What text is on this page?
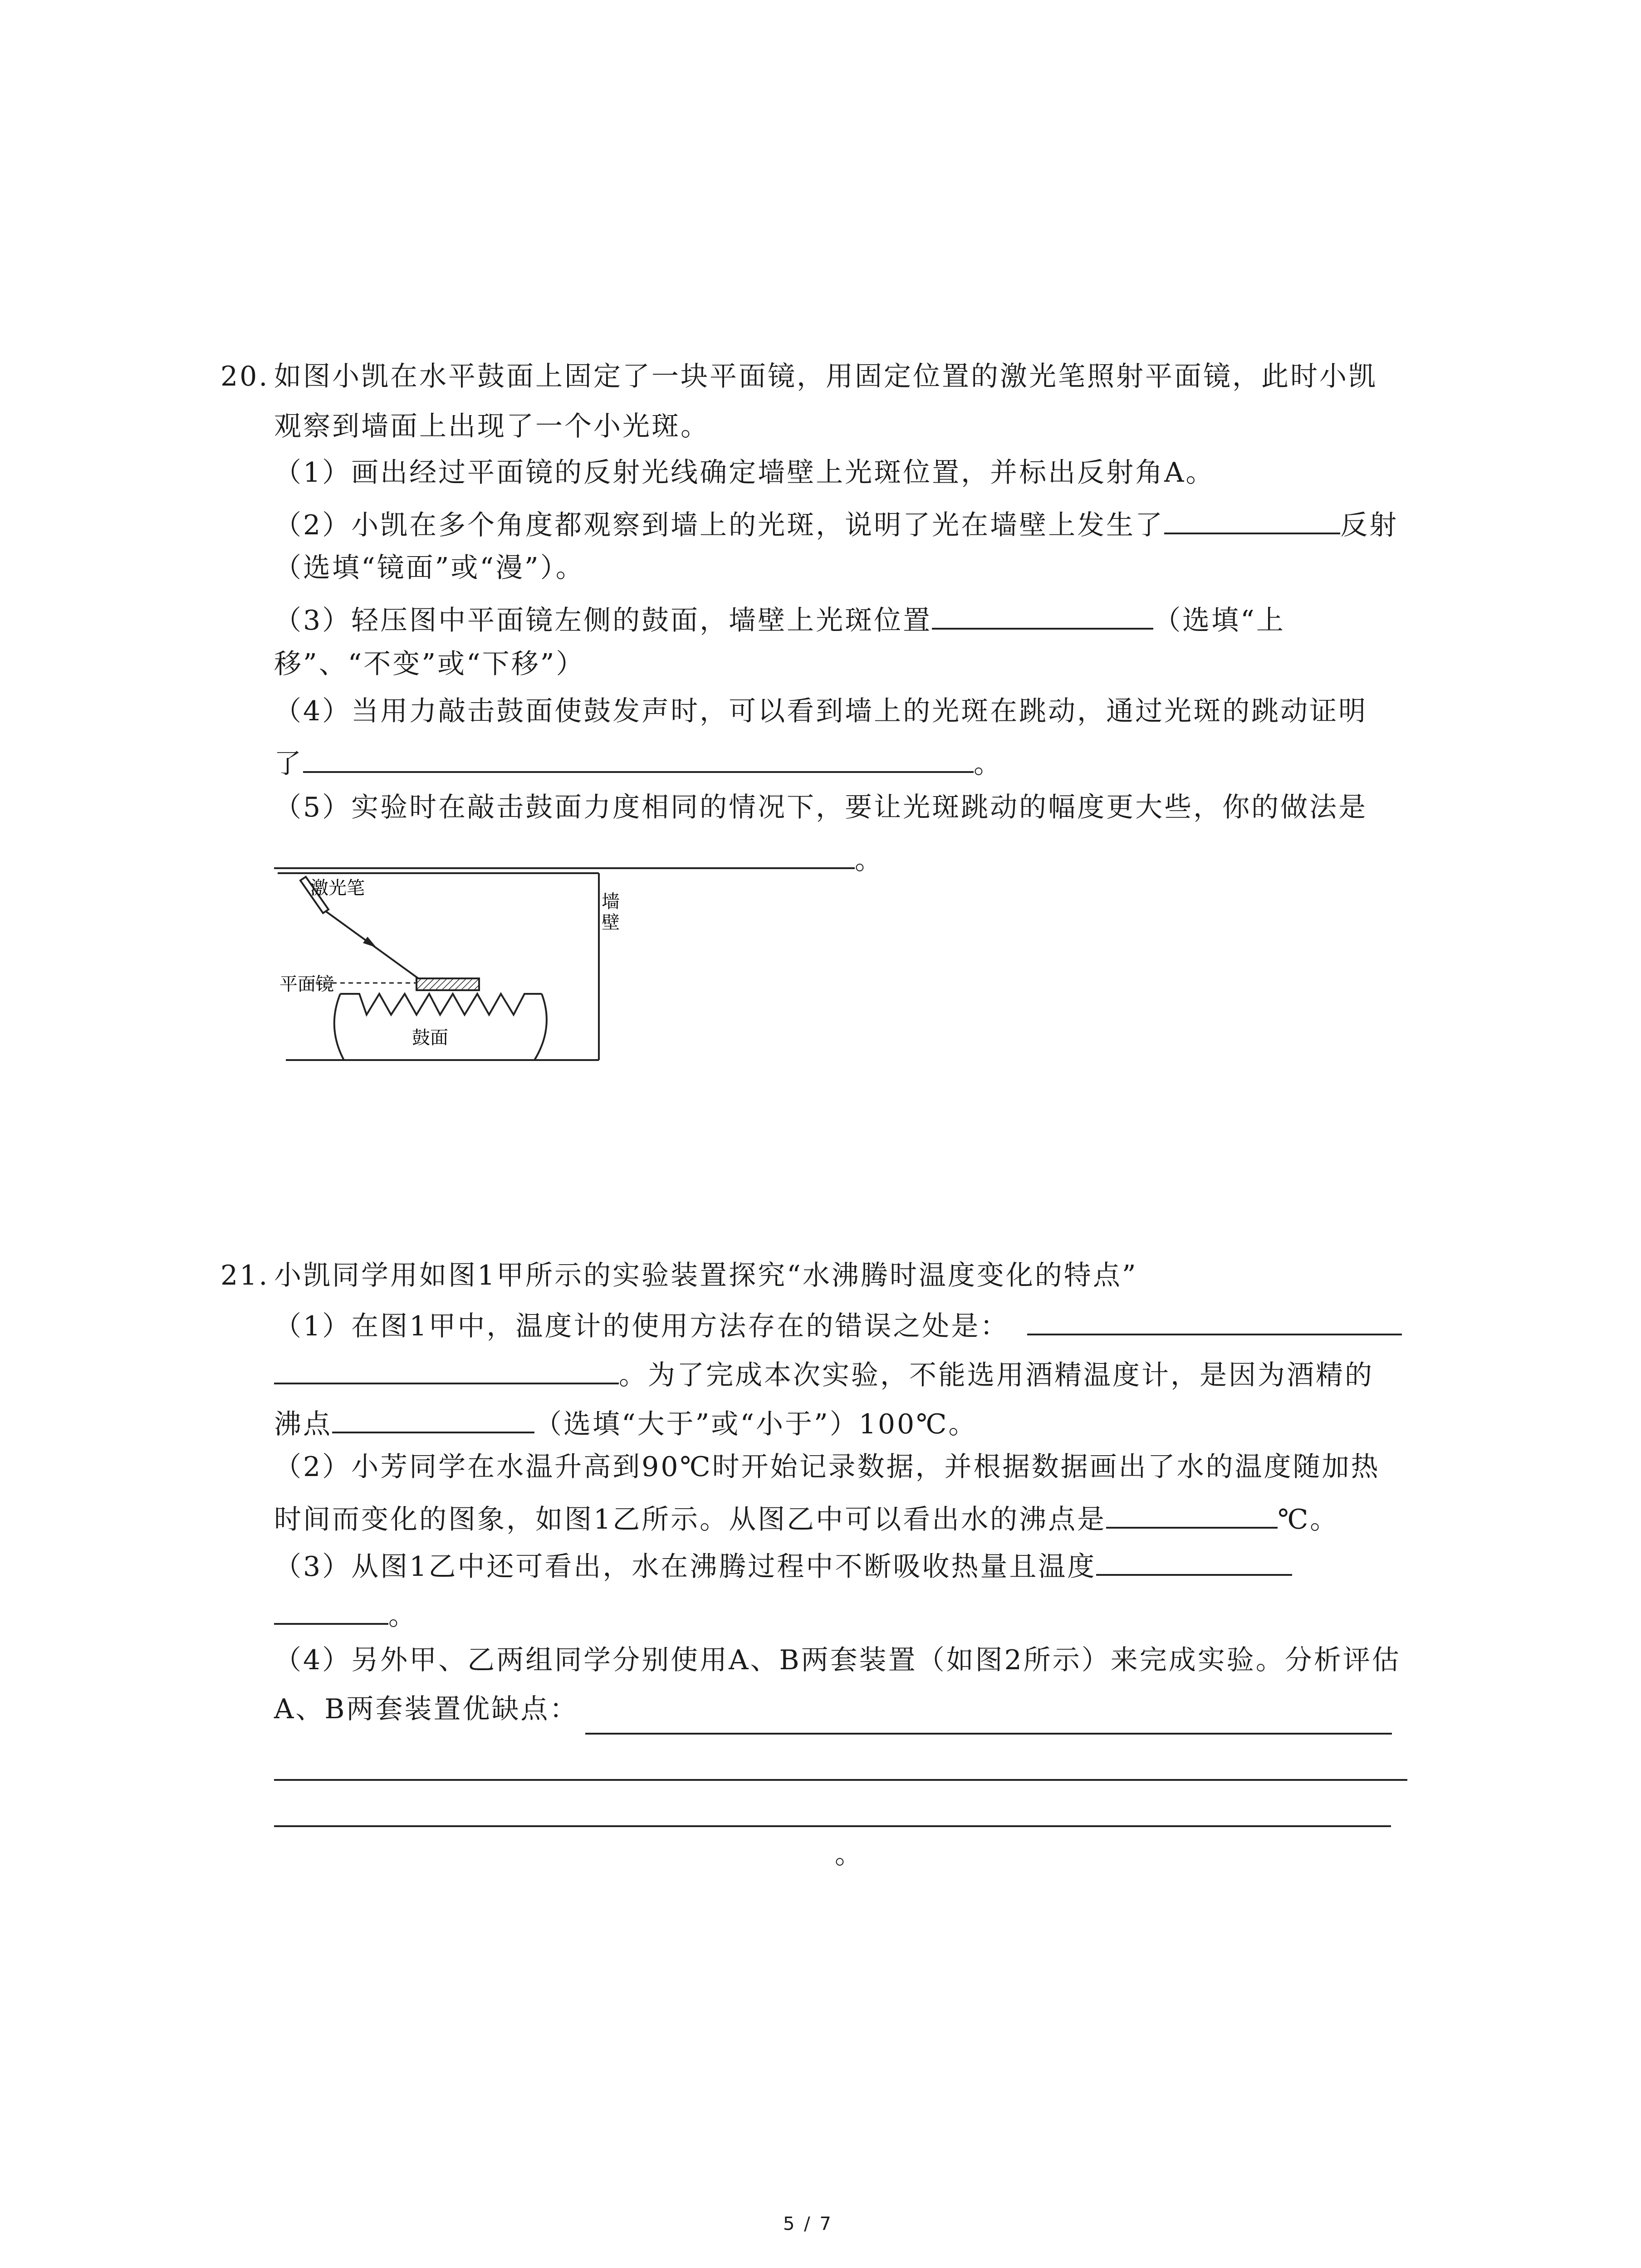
20. 如图小凯在水平鼓面上固定了一块平面镜，用固定位置的激光笔照射平面镜，此时小凯
观察到墙面上出现了一个小光斑。
（1）画出经过平面镜的反射光线确定墙壁上光斑位置，并标出反射角A。
（2）小凯在多个角度都观察到墙上的光斑，说明了光在墙壁上发生了	反射
（选填“镜面”或“漫”）。
（3）轻压图中平面镜左侧的鼓面，墙壁上光斑位置	（选填“上
移”、“不变”或“下移”）
（4）当用力敲击鼓面使鼓发声时，可以看到墙上的光斑在跳动，通过光斑的跳动证明
了	。
（5）实验时在敲击鼓面力度相同的情况下，要让光斑跳动的幅度更大些，你的做法是
。
激光笔
平面镜
墙
壁
鼓面
21. 小凯同学用如图1甲所示的实验装置探究“水沸腾时温度变化的特点”
（1）在图1甲中，温度计的使用方法存在的错误之处是：
。为了完成本次实验，不能选用酒精温度计，是因为酒精的
沸点	（选填“大于”或“小于”）100℃。
（2）小芳同学在水温升高到90℃时开始记录数据，并根据数据画出了水的温度随加热
时间而变化的图象，如图1乙所示。从图乙中可以看出水的沸点是	℃。
（3）从图1乙中还可看出，水在沸腾过程中不断吸收热量且温度
。
（4）另外甲、乙两组同学分别使用A、B两套装置（如图2所示）来完成实验。分析评估
A、B两套装置优缺点：
。
5 / 7
